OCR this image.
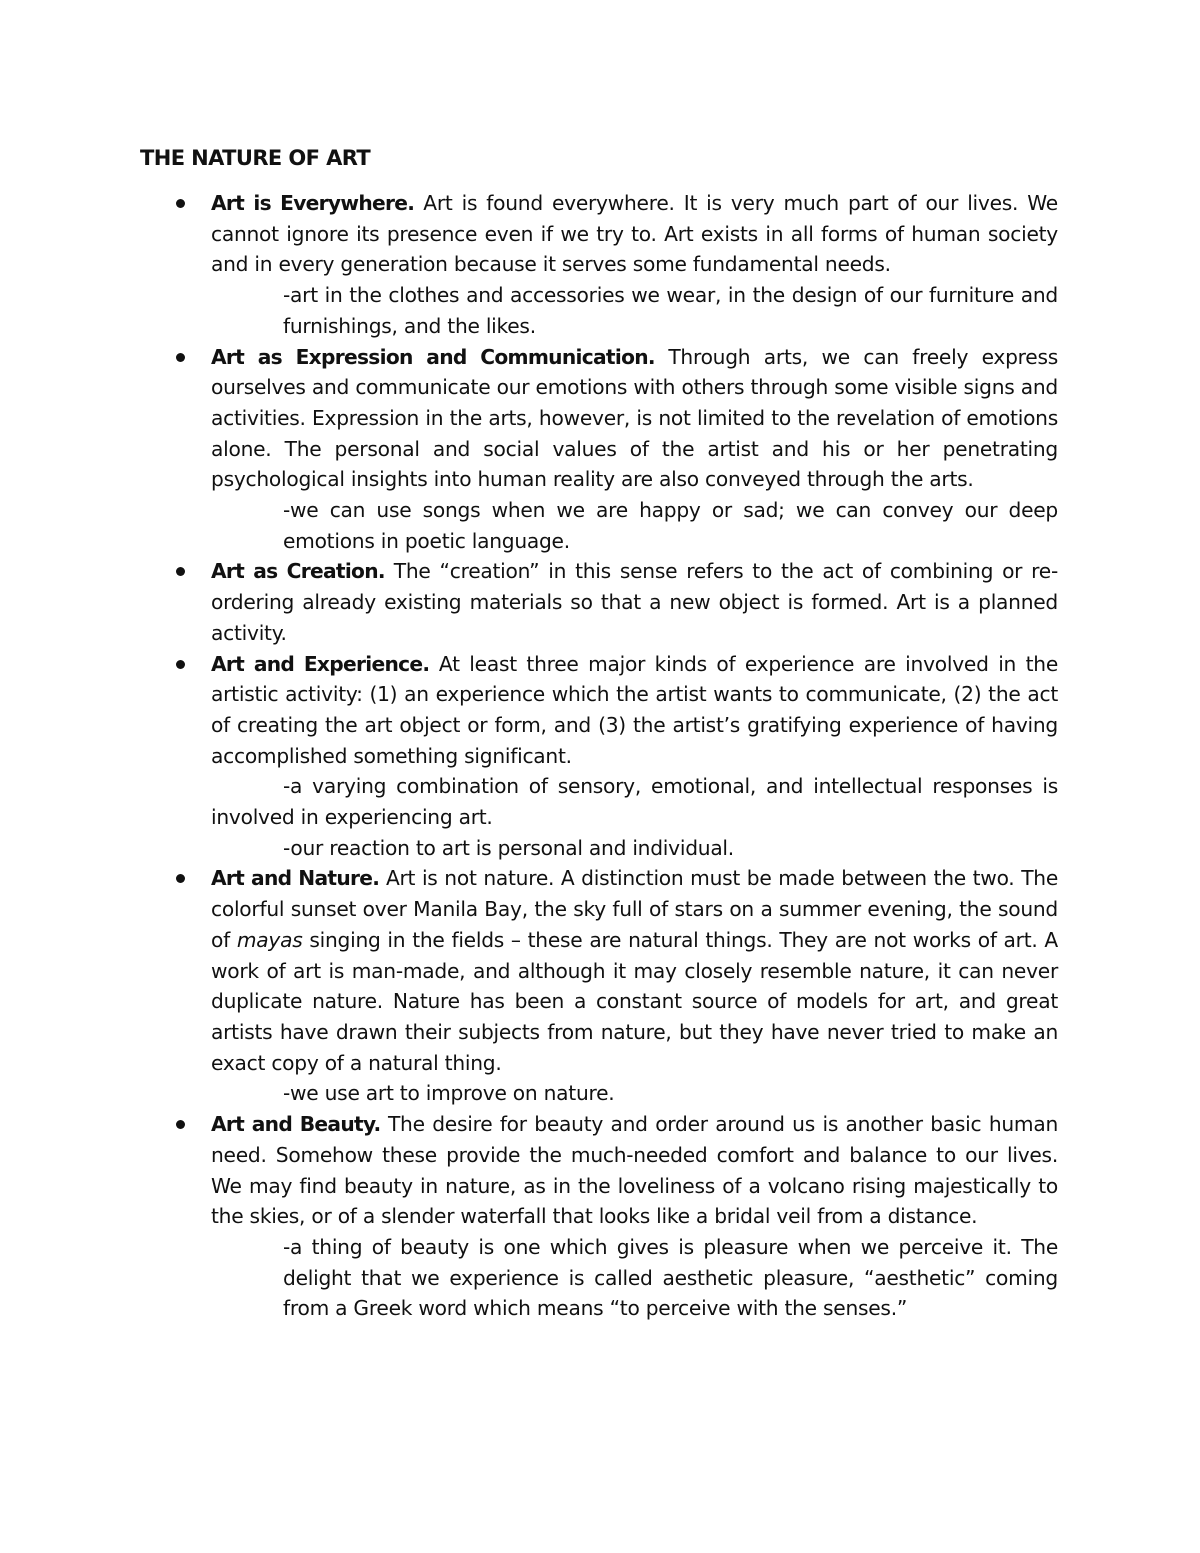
THE NATURE OF ART

Art is Everywhere. Art is found everywhere. It is very much part of our lives. We cannot ignore its presence even if we try to. Art exists in all forms of human society and in every generation because it serves some fundamental needs.

-art in the clothes and accessories we wear, in the design of our furniture and furnishings, and the likes.

Art as Expression and Communication. Through arts, we can freely express ourselves and communicate our emotions with others through some visible signs and activities. Expression in the arts, however, is not limited to the revelation of emotions alone. The personal and social values of the artist and his or her penetrating psychological insights into human reality are also conveyed through the arts.

-we can use songs when we are happy or sad; we can convey our deep emotions in poetic language.

Art as Creation. The “creation” in this sense refers to the act of combining or re-ordering already existing materials so that a new object is formed. Art is a planned activity.

Art and Experience. At least three major kinds of experience are involved in the artistic activity: (1) an experience which the artist wants to communicate, (2) the act of creating the art object or form, and (3) the artist’s gratifying experience of having accomplished something significant.

-a varying combination of sensory, emotional, and intellectual responses is involved in experiencing art.

-our reaction to art is personal and individual.

Art and Nature. Art is not nature. A distinction must be made between the two. The colorful sunset over Manila Bay, the sky full of stars on a summer evening, the sound of mayas singing in the fields – these are natural things. They are not works of art. A work of art is man-made, and although it may closely resemble nature, it can never duplicate nature. Nature has been a constant source of models for art, and great artists have drawn their subjects from nature, but they have never tried to make an exact copy of a natural thing.

-we use art to improve on nature.

Art and Beauty. The desire for beauty and order around us is another basic human need. Somehow these provide the much-needed comfort and balance to our lives. We may find beauty in nature, as in the loveliness of a volcano rising majestically to the skies, or of a slender waterfall that looks like a bridal veil from a distance.

-a thing of beauty is one which gives is pleasure when we perceive it. The delight that we experience is called aesthetic pleasure, “aesthetic” coming from a Greek word which means “to perceive with the senses.”
